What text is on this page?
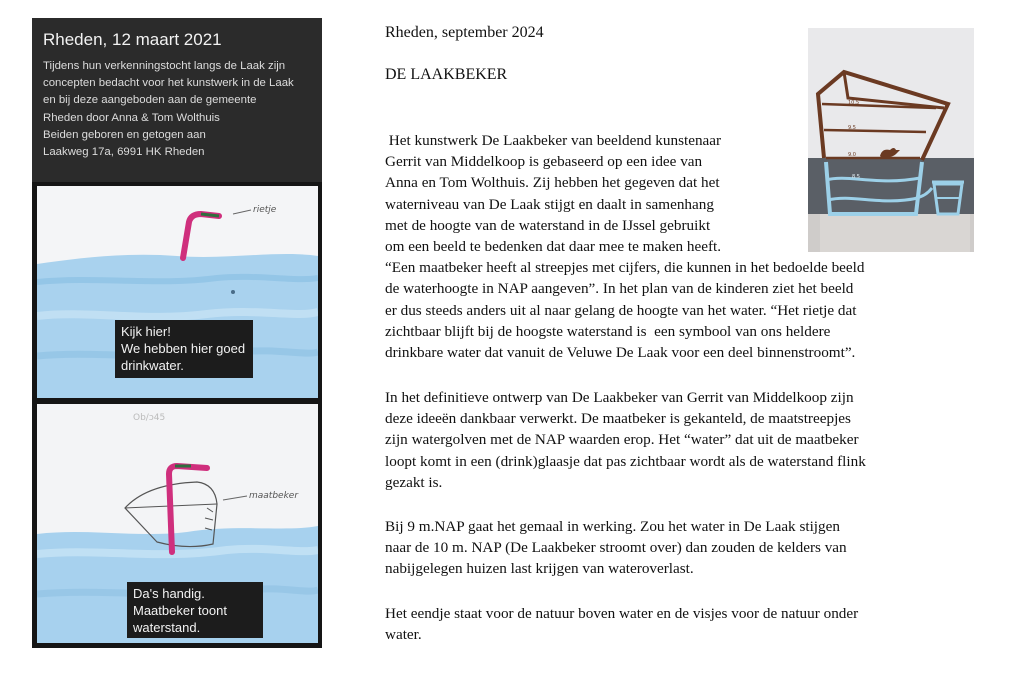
Rheden, 12 maart 2021
Tijdens hun verkenningstocht langs de Laak zijn
concepten bedacht voor het kunstwerk in de Laak
en bij deze aangeboden aan de gemeente
Rheden door Anna & Tom Wolthuis
Beiden geboren en getogen aan
Laakweg 17a, 6991 HK Rheden
rietje
Kijk hier!
We hebben hier goed
drinkwater.
maatbeker
Ob/ɔ45
Da's handig.
Maatbeker toont
waterstand.
Rheden, september 2024
DE LAAKBEKER
Het kunstwerk De Laakbeker van beeldend kunstenaar
Gerrit van Middelkoop is gebaseerd op een idee van
Anna en Tom Wolthuis. Zij hebben het gegeven dat het
waterniveau van De Laak stijgt en daalt in samenhang
met de hoogte van de waterstand in de IJssel gebruikt
om een beeld te bedenken dat daar mee te maken heeft.
“Een maatbeker heeft al streepjes met cijfers, die kunnen in het bedoelde beeld
de waterhoogte in NAP aangeven”. In het plan van de kinderen ziet het beeld
er dus steeds anders uit al naar gelang de hoogte van het water. “Het rietje dat
zichtbaar blijft bij de hoogste waterstand is  een symbool van ons heldere
drinkbare water dat vanuit de Veluwe De Laak voor een deel binnenstroomt”.
In het definitieve ontwerp van De Laakbeker van Gerrit van Middelkoop zijn
deze ideeën dankbaar verwerkt. De maatbeker is gekanteld, de maatstreepjes
zijn watergolven met de NAP waarden erop. Het “water” dat uit de maatbeker
loopt komt in een (drink)glaasje dat pas zichtbaar wordt als de waterstand flink
gezakt is.
Bij 9 m.NAP gaat het gemaal in werking. Zou het water in De Laak stijgen
naar de 10 m. NAP (De Laakbeker stroomt over) dan zouden de kelders van
nabijgelegen huizen last krijgen van wateroverlast.
Het eendje staat voor de natuur boven water en de visjes voor de natuur onder
water.
10.5
9.5
9.0
8.5
